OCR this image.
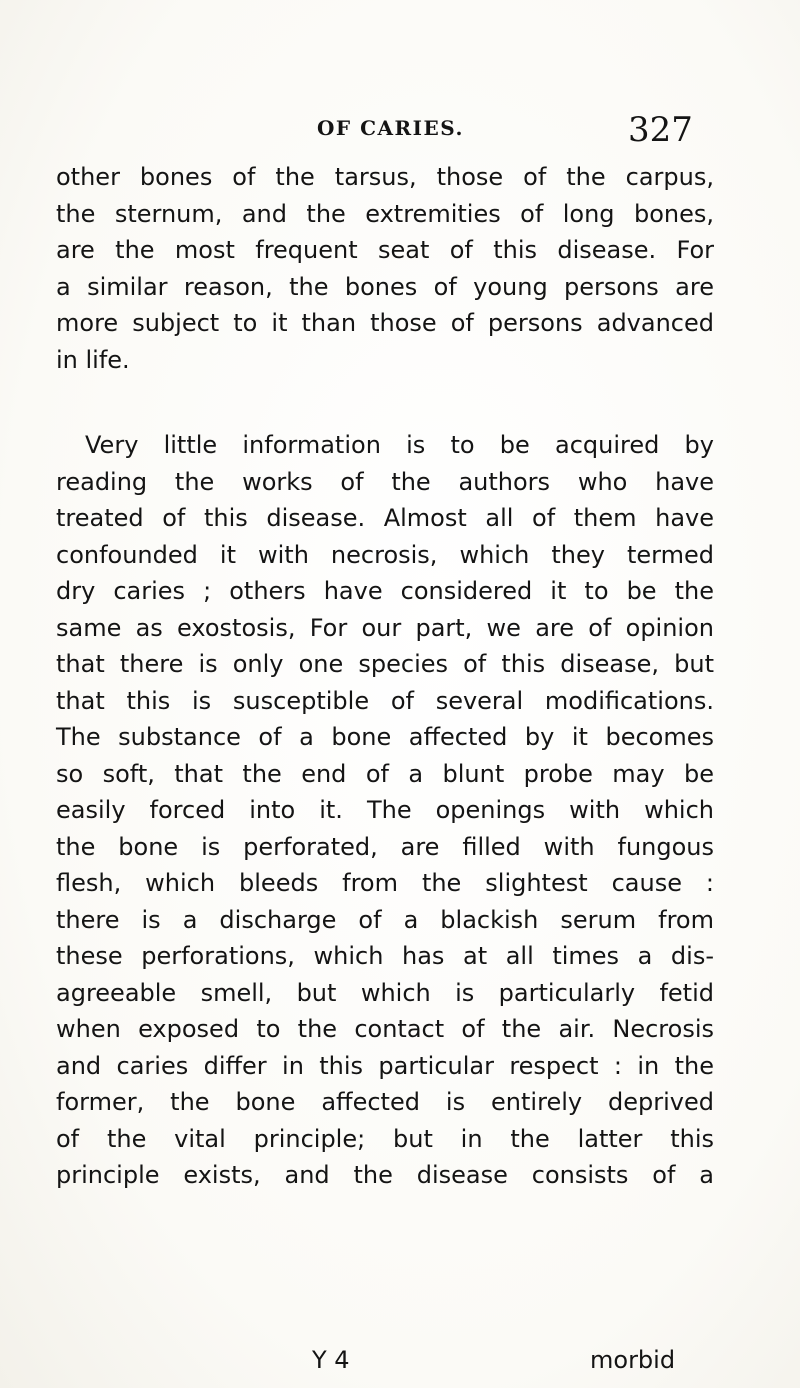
OF CARIES.	327
other bones of the tarsus, those of the carpus,
the sternum, and the extremities of long bones,
are the most frequent seat of this disease. For
a similar reason, the bones of young persons are
more subject to it than those of persons advanced
in life.
Very little information is to be acquired by
reading the works of the authors who have
treated of this disease. Almost all of them have
confounded it with necrosis, which they termed
dry caries ; others have considered it to be the
same as exostosis, For our part, we are of opinion
that there is only one species of this disease, but
that this is susceptible of several modifications.
The substance of a bone affected by it becomes
so soft, that the end of a blunt probe may be
easily forced into it. The openings with which
the bone is perforated, are filled with fungous
flesh, which bleeds from the slightest cause :
there is a discharge of a blackish serum from
these perforations, which has at all times a dis-
agreeable smell, but which is particularly fetid
when exposed to the contact of the air. Necrosis
and caries differ in this particular respect : in the
former, the bone affected is entirely deprived
of the vital principle; but in the latter this
principle exists, and the disease consists of a
Y 4	morbid
